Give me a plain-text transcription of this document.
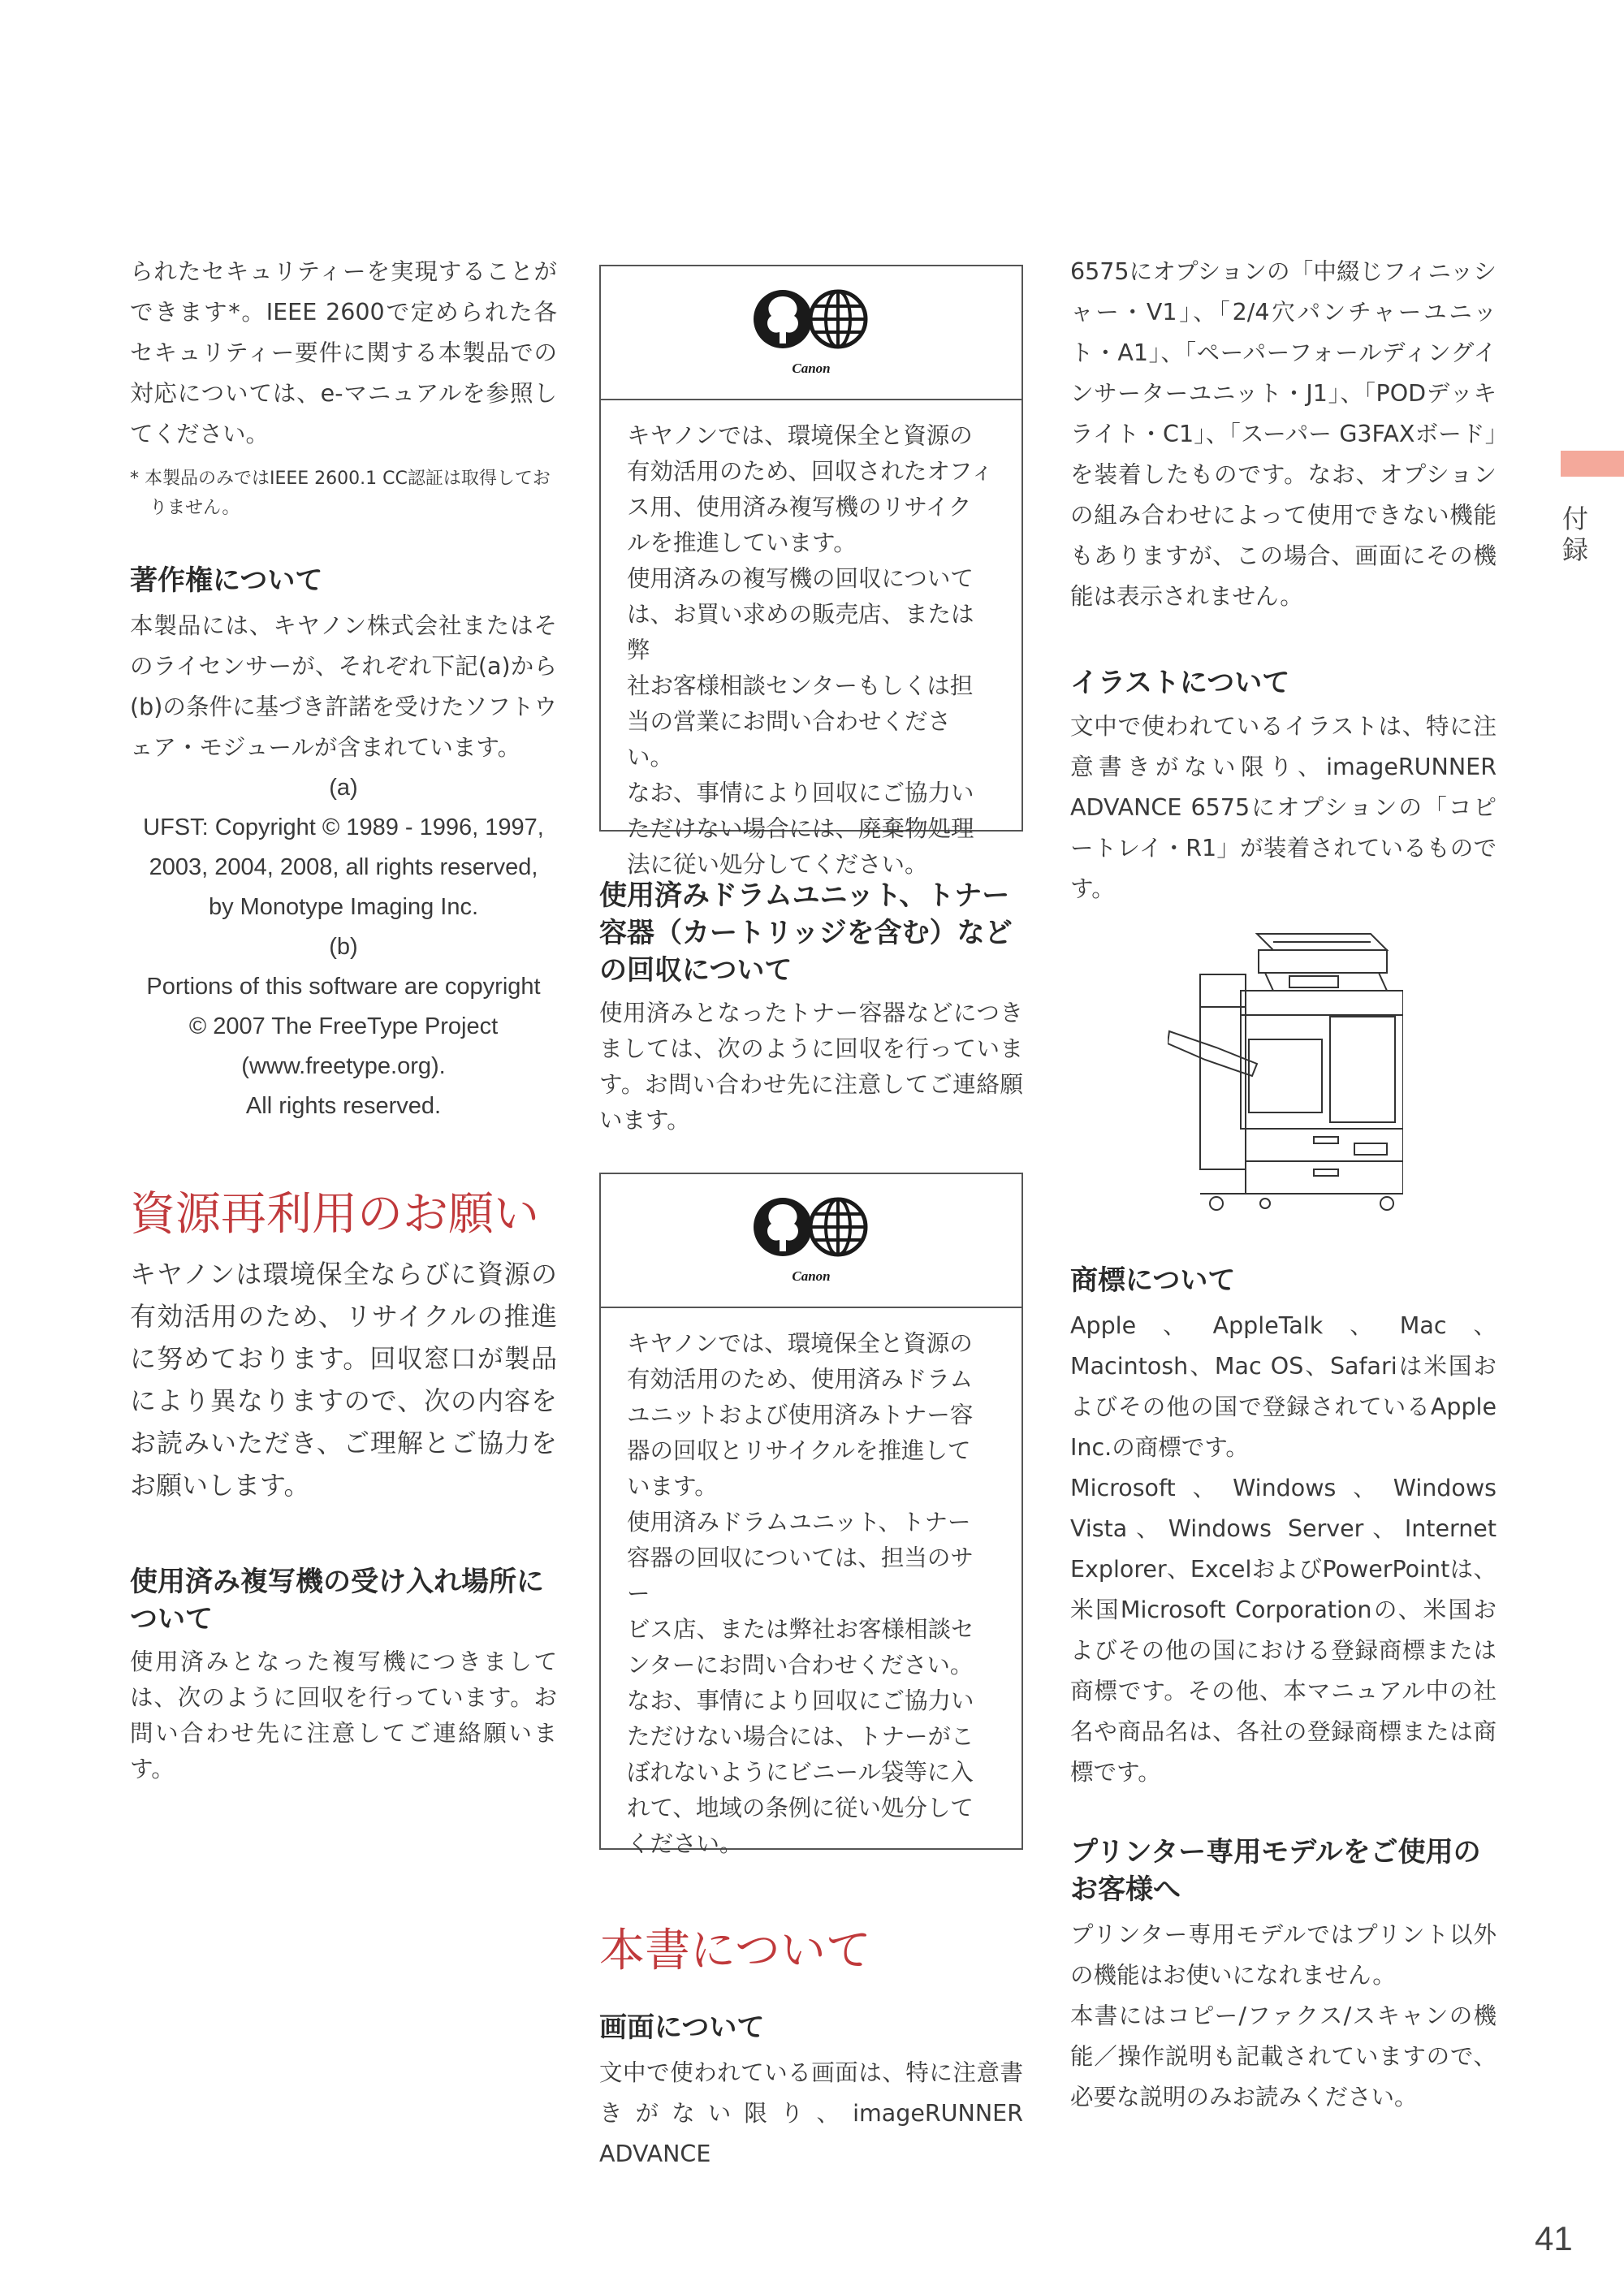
られたセキュリティーを実現することができます*。IEEE 2600で定められた各セキュリティー要件に関する本製品での対応については、e-マニュアルを参照してください。

* 本製品のみではIEEE 2600.1 CC認証は取得しておりません。

著作権について

本製品には、キヤノン株式会社またはそのライセンサーが、それぞれ下記(a)から(b)の条件に基づき許諾を受けたソフトウェア・モジュールが含まれています。

(a)

UFST: Copyright © 1989 - 1996, 1997,

2003, 2004, 2008, all rights reserved,

by Monotype Imaging Inc.

(b)

Portions of this software are copyright

© 2007 The FreeType Project

(www.freetype.org).

All rights reserved.

資源再利用のお願い

キヤノンは環境保全ならびに資源の有効活用のため、リサイクルの推進に努めております。回収窓口が製品により異なりますので、次の内容をお読みいただき、ご理解とご協力をお願いします。

使用済み複写機の受け入れ場所について

使用済みとなった複写機につきましては、次のように回収を行っています。お問い合わせ先に注意してご連絡願います。

Canon

キヤノンでは、環境保全と資源の

有効活用のため、回収されたオフィ

ス用、使用済み複写機のリサイク

ルを推進しています。

使用済みの複写機の回収について

は、お買い求めの販売店、または弊

社お客様相談センターもしくは担

当の営業にお問い合わせください。

なお、事情により回収にご協力い

ただけない場合には、廃棄物処理

法に従い処分してください。

使用済みドラムユニット、トナー容器（カートリッジを含む）などの回収について

使用済みとなったトナー容器などにつきましては、次のように回収を行っています。お問い合わせ先に注意してご連絡願います。

Canon

キヤノンでは、環境保全と資源の

有効活用のため、使用済みドラム

ユニットおよび使用済みトナー容

器の回収とリサイクルを推進して

います。

使用済みドラムユニット、トナー

容器の回収については、担当のサー

ビス店、または弊社お客様相談セ

ンターにお問い合わせください。

なお、事情により回収にご協力い

ただけない場合には、トナーがこ

ぼれないようにビニール袋等に入

れて、地域の条例に従い処分して

ください。

本書について
画面について

文中で使われている画面は、特に注意書きがない限り、imageRUNNER ADVANCE

6575にオプションの「中綴じフィニッシャー・V1」、「2/4穴パンチャーユニット・A1」、「ペーパーフォールディングインサーターユニット・J1」、「PODデッキライト・C1」、「スーパー G3FAXボード」を装着したものです。なお、オプションの組み合わせによって使用できない機能もありますが、この場合、画面にその機能は表示されません。

イラストについて

文中で使われているイラストは、特に注意書きがない限り、imageRUNNER ADVANCE 6575にオプションの「コピートレイ・R1」が装着されているものです。

商標について

Apple、AppleTalk、Mac、Macintosh、Mac OS、Safariは米国およびその他の国で登録されているApple Inc.の商標です。

Microsoft、Windows、Windows Vista、Windows Server、Internet Explorer、ExcelおよびPowerPointは、米国Microsoft Corporationの、米国およびその他の国における登録商標または商標です。その他、本マニュアル中の社名や商品名は、各社の登録商標または商標です。

プリンター専用モデルをご使用のお客様へ

プリンター専用モデルではプリント以外の機能はお使いになれません。

本書にはコピー/ファクス/スキャンの機能／操作説明も記載されていますので、必要な説明のみお読みください。

付録
41
